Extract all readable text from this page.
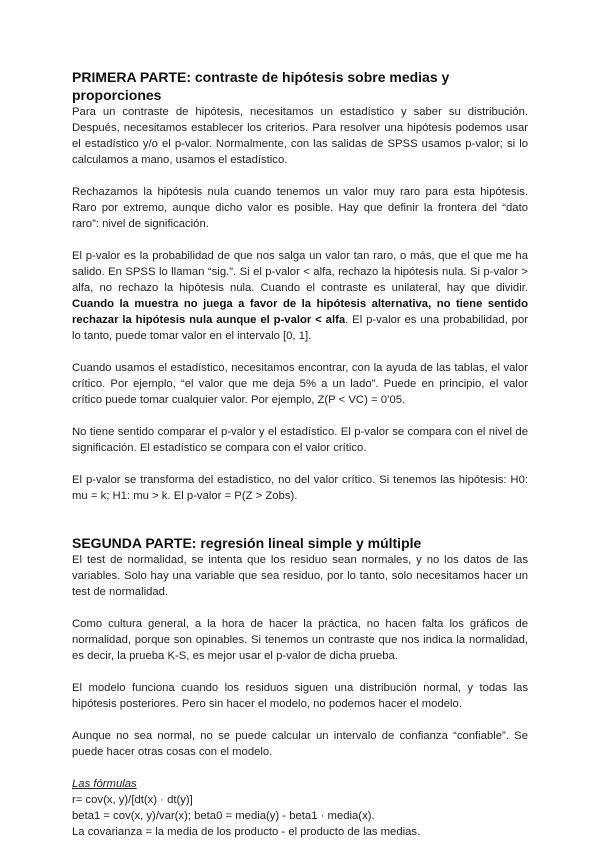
PRIMERA PARTE: contraste de hipótesis sobre medias y proporciones

Para un contraste de hipótesis, necesitamos un estadístico y saber su distribución. Después, necesitamos establecer los criterios. Para resolver una hipótesis podemos usar el estadístico y/o el p-valor. Normalmente, con las salidas de SPSS usamos p-valor; si lo calculamos a mano, usamos el estadístico.

Rechazamos la hipótesis nula cuando tenemos un valor muy raro para esta hipótesis. Raro por extremo, aunque dicho valor es posible. Hay que definir la frontera del “dato raro”: nivel de significación.

El p-valor es la probabilidad de que nos salga un valor tan raro, o más, que el que me ha salido. En SPSS lo llaman “sig.”. Si el p-valor < alfa, rechazo la hipótesis nula. Si p-valor > alfa, no rechazo la hipótesis nula. Cuando el contraste es unilateral, hay que dividir. Cuando la muestra no juega a favor de la hipótesis alternativa, no tiene sentido rechazar la hipótesis nula aunque el p-valor < alfa. El p-valor es una probabilidad, por lo tanto, puede tomar valor en el intervalo [0, 1].

Cuando usamos el estadístico, necesitamos encontrar, con la ayuda de las tablas, el valor crítico. Por ejemplo, “el valor que me deja 5% a un lado”. Puede en principio, el valor crítico puede tomar cualquier valor. Por ejemplo, Z(P < VC) = 0’05.

No tiene sentido comparar el p-valor y el estadístico. El p-valor se compara con el nivel de significación. El estadístico se compara con el valor crítico.

El p-valor se transforma del estadístico, no del valor crítico. Si tenemos las hipótesis: H0: mu = k; H1: mu > k. El p-valor = P(Z > Zobs).

SEGUNDA PARTE: regresión lineal simple y múltiple

El test de normalidad, se intenta que los residuo sean normales, y no los datos de las variables. Solo hay una variable que sea residuo, por lo tanto, solo necesitamos hacer un test de normalidad.

Como cultura general, a la hora de hacer la práctica, no hacen falta los gráficos de normalidad, porque son opinables. Si tenemos un contraste que nos indica la normalidad, es decir, la prueba K-S, es mejor usar el p-valor de dicha prueba.

El modelo funciona cuando los residuos siguen una distribución normal, y todas las hipótesis posteriores. Pero sin hacer el modelo, no podemos hacer el modelo.

Aunque no sea normal, no se puede calcular un intervalo de confianza “confiable”. Se puede hacer otras cosas con el modelo.

Las fórmulas

r= cov(x, y)/[dt(x) · dt(y)]

beta1 = cov(x, y)/var(x); beta0 = media(y) - beta1 · media(x).

La covarianza = la media de los producto - el producto de las medias.
